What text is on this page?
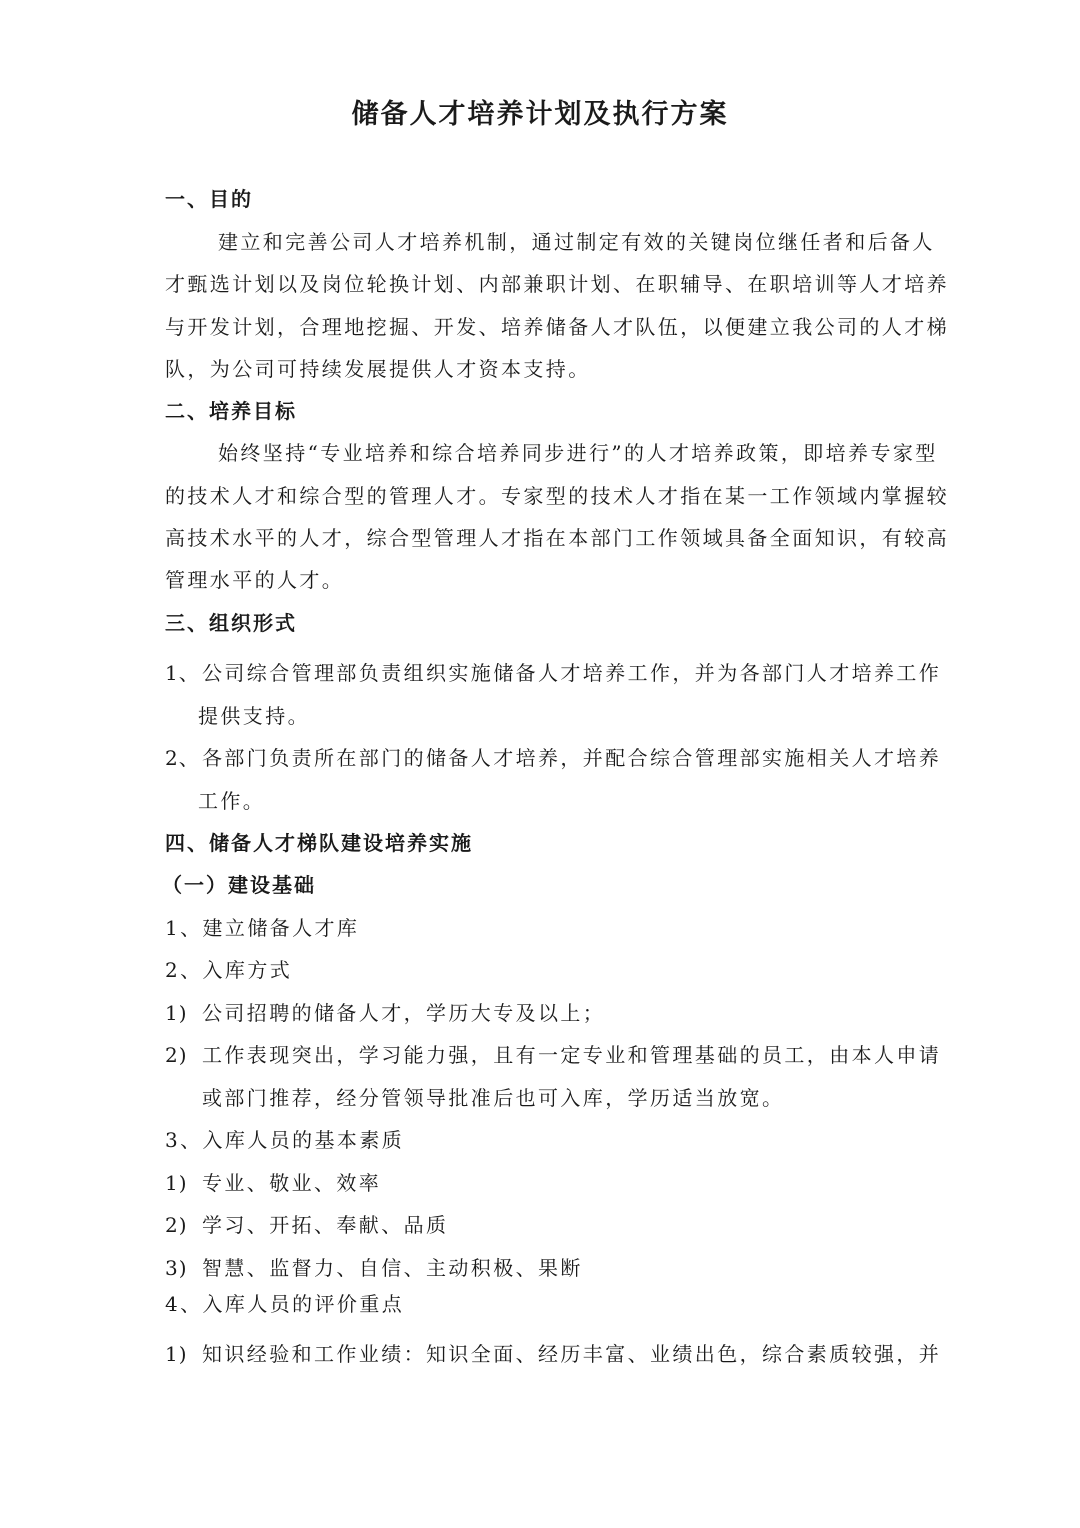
储备人才培养计划及执行方案
一、目的
建立和完善公司人才培养机制，通过制定有效的关键岗位继任者和后备人
才甄选计划以及岗位轮换计划、内部兼职计划、在职辅导、在职培训等人才培养
与开发计划，合理地挖掘、开发、培养储备人才队伍，以便建立我公司的人才梯
队，为公司可持续发展提供人才资本支持。
二、培养目标
始终坚持“专业培养和综合培养同步进行”的人才培养政策，即培养专家型
的技术人才和综合型的管理人才。专家型的技术人才指在某一工作领域内掌握较
高技术水平的人才，综合型管理人才指在本部门工作领域具备全面知识，有较高
管理水平的人才。
三、组织形式
1、 公司综合管理部负责组织实施储备人才培养工作，并为各部门人才培养工作
提供支持。
2、 各部门负责所在部门的储备人才培养，并配合综合管理部实施相关人才培养
工作。
四、储备人才梯队建设培养实施
（一）建设基础
1、建立储备人才库
2、入库方式
1) 公司招聘的储备人才，学历大专及以上；
2) 工作表现突出，学习能力强，且有一定专业和管理基础的员工，由本人申请
或部门推荐，经分管领导批准后也可入库，学历适当放宽。
3、入库人员的基本素质
1) 专业、敬业、效率
2) 学习、开拓、奉献、品质
3) 智慧、监督力、自信、主动积极、果断
4、入库人员的评价重点
1) 知识经验和工作业绩：知识全面、经历丰富、业绩出色，综合素质较强，并
